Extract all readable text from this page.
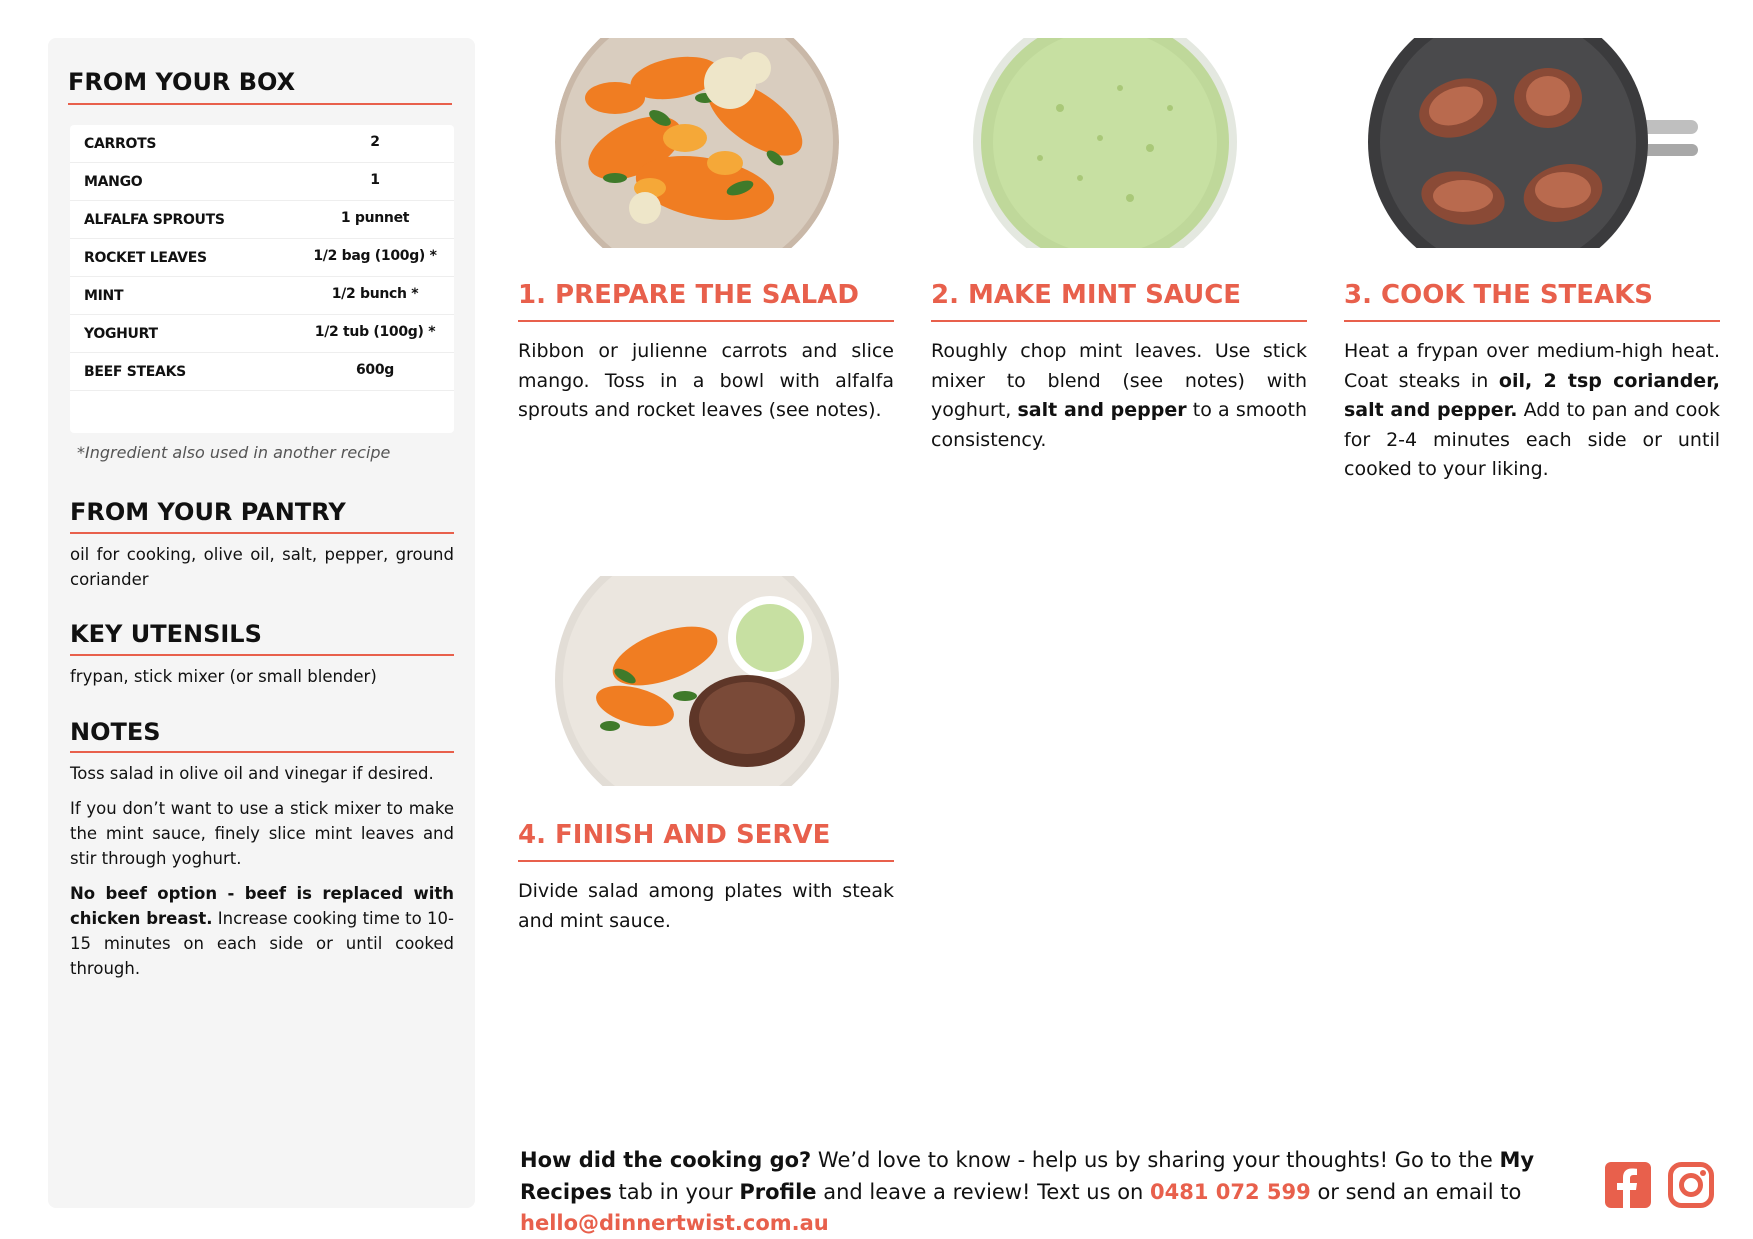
FROM YOUR BOX
CARROTS	2
MANGO	1
ALFALFA SPROUTS	1 punnet
ROCKET LEAVES	1/2 bag (100g) *
MINT	1/2 bunch *
YOGHURT	1/2 tub (100g) *
BEEF STEAKS	600g
*Ingredient also used in another recipe
FROM YOUR PANTRY
oil for cooking, olive oil, salt, pepper, ground coriander
KEY UTENSILS
frypan, stick mixer (or small blender)
NOTES
Toss salad in olive oil and vinegar if desired.
If you don’t want to use a stick mixer to make the mint sauce, finely slice mint leaves and stir through yoghurt.
No beef option - beef is replaced with chicken breast. Increase cooking time to 10-15 minutes on each side or until cooked through.
1. PREPARE THE SALAD
Ribbon or julienne carrots and slice mango. Toss in a bowl with alfalfa sprouts and rocket leaves (see notes).
2. MAKE MINT SAUCE
Roughly chop mint leaves. Use stick mixer to blend (see notes) with yoghurt, salt and pepper to a smooth consistency.
3. COOK THE STEAKS
Heat a frypan over medium-high heat. Coat steaks in oil, 2 tsp coriander, salt and pepper. Add to pan and cook for 2-4 minutes each side or until cooked to your liking.
4. FINISH AND SERVE
Divide salad among plates with steak and mint sauce.
How did the cooking go? We’d love to know - help us by sharing your thoughts! Go to the My Recipes tab in your Profile and leave a review! Text us on 0481 072 599 or send an email to hello@dinnertwist.com.au
